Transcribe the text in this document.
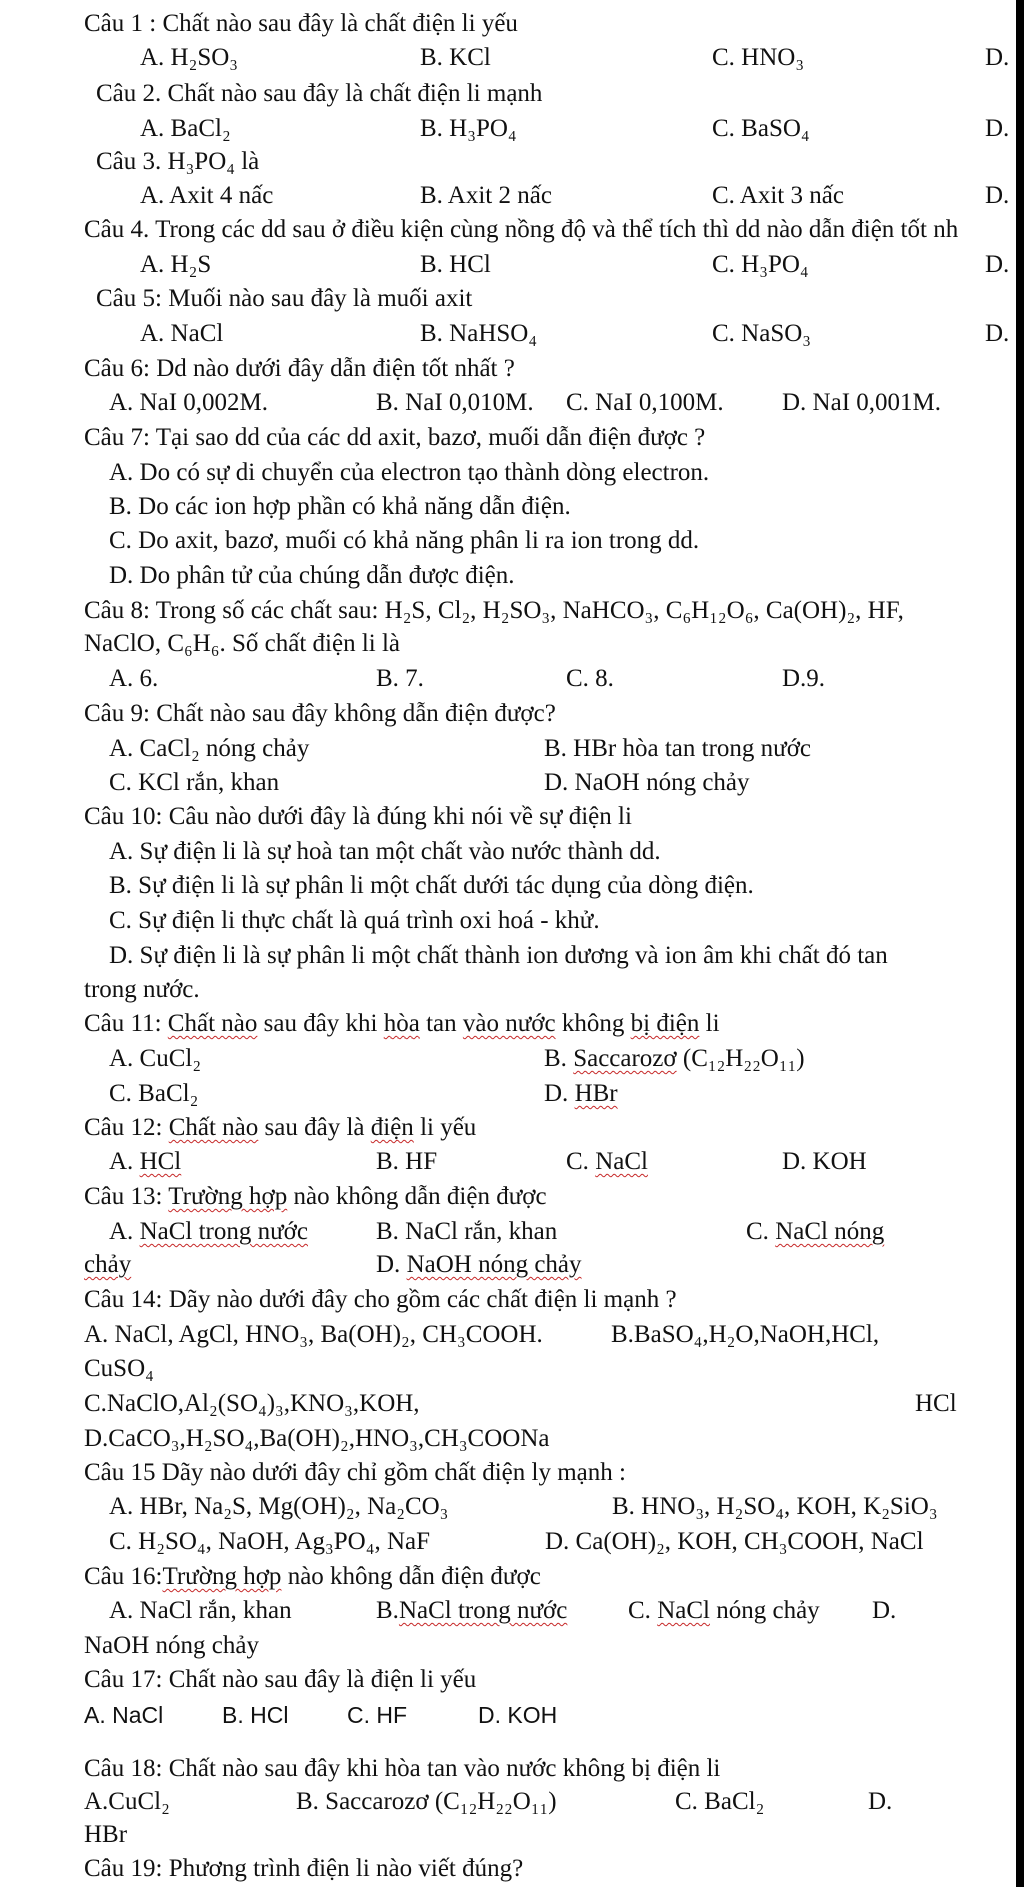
Câu 1 : Chất nào sau đây là chất điện li yếu
A. H₂SO₃	B. KCl	C. HNO₃	D.
Câu 2. Chất nào sau đây là chất điện li mạnh
A. BaCl₂	B. H₃PO₄	C. BaSO₄	D.
Câu 3. H₃PO₄ là
A. Axit 4 nấc	B. Axit 2 nấc	C. Axit 3 nấc	D.
Câu 4. Trong các dd sau ở điều kiện cùng nồng độ và thể tích thì dd nào dẫn điện tốt nh
A. H₂S	B. HCl	C. H₃PO₄	D.
Câu 5: Muối nào sau đây là muối axit
A. NaCl	B. NaHSO₄	C. NaSO₃	D.
Câu 6: Dd nào dưới đây dẫn điện tốt nhất ?
A. NaI 0,002M.	B. NaI 0,010M. C. NaI 0,100M. D. NaI 0,001M.
Câu 7: Tại sao dd của các dd axit, bazơ, muối dẫn điện được ?
A. Do có sự di chuyển của electron tạo thành dòng electron.
B. Do các ion hợp phần có khả năng dẫn điện.
C. Do axit, bazơ, muối có khả năng phân li ra ion trong dd.
D. Do phân tử của chúng dẫn được điện.
Câu 8: Trong số các chất sau: H₂S, Cl₂, H₂SO₃, NaHCO₃, C₆H₁₂O₆, Ca(OH)₂, HF,
NaClO, C₆H₆. Số chất điện li là
A. 6.	B. 7.	C. 8.	D.9.
Câu 9: Chất nào sau đây không dẫn điện được?
A. CaCl₂ nóng chảy	B. HBr hòa tan trong nước
C. KCl rắn, khan	D. NaOH nóng chảy
Câu 10: Câu nào dưới đây là đúng khi nói về sự điện li
A. Sự điện li là sự hoà tan một chất vào nước thành dd.
B. Sự điện li là sự phân li một chất dưới tác dụng của dòng điện.
C. Sự điện li thực chất là quá trình oxi hoá - khử.
D. Sự điện li là sự phân li một chất thành ion dương và ion âm khi chất đó tan
trong nước.
Câu 11: Chất nào sau đây khi hòa tan vào nước không bị điện li
A. CuCl₂	B. Saccarozơ (C₁₂H₂₂O₁₁)
C. BaCl₂	D. HBr
Câu 12: Chất nào sau đây là điện li yếu
A. HCl	B. HF	C. NaCl	D. KOH
Câu 13: Trường hợp nào không dẫn điện được
A. NaCl trong nước	B. NaCl rắn, khan	C. NaCl nóng
chảy	D. NaOH nóng chảy
Câu 14: Dãy nào dưới đây cho gồm các chất điện li mạnh ?
A. NaCl, AgCl, HNO₃, Ba(OH)₂, CH₃COOH.	B.BaSO₄,H₂O,NaOH,HCl,
CuSO₄
C.NaClO,Al₂(SO₄)₃,KNO₃,KOH,	HCl
D.CaCO₃,H₂SO₄,Ba(OH)₂,HNO₃,CH₃COONa
Câu 15 Dãy nào dưới đây chỉ gồm chất điện ly mạnh :
A. HBr, Na₂S, Mg(OH)₂, Na₂CO₃	B. HNO₃, H₂SO₄, KOH, K₂SiO₃
C. H₂SO₄, NaOH, Ag₃PO₄, NaF	D. Ca(OH)₂, KOH, CH₃COOH, NaCl
Câu 16:Trường hợp nào không dẫn điện được
A. NaCl rắn, khan	B.NaCl trong nước C. NaCl nóng chảy D.
NaOH nóng chảy
Câu 17: Chất nào sau đây là điện li yếu
A. NaCl	B. HCl	C. HF	D. KOH
Câu 18: Chất nào sau đây khi hòa tan vào nước không bị điện li
A.CuCl₂	B. Saccarozơ (C₁₂H₂₂O₁₁)	C. BaCl₂	D.
HBr
Câu 19: Phương trình điện li nào viết đúng?
